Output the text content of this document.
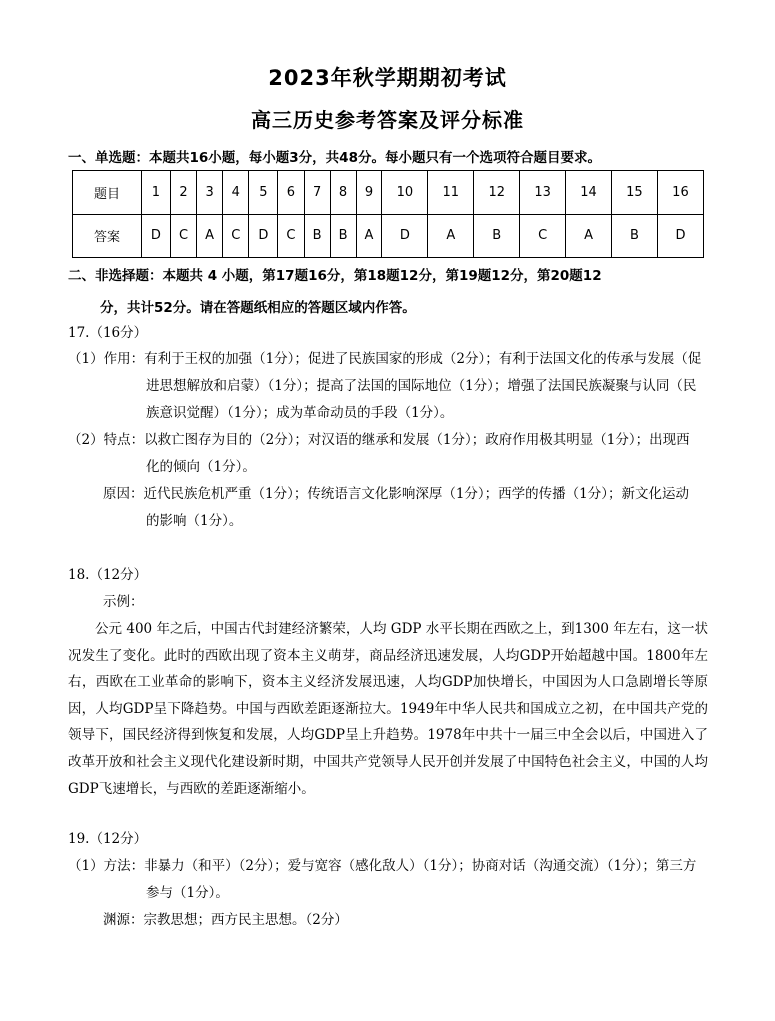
2023年秋学期期初考试
高三历史参考答案及评分标准
一、单选题：本题共16小题，每小题3分，共48分。每小题只有一个选项符合题目要求。
题目	1	2	3	4	5	6	7	8	9	10	11	12	13	14	15	16
答案	D	C	A	C	D	C	B	B	A	D	A	B	C	A	B	D
二、非选择题：本题共 4 小题，第17题16分，第18题12分，第19题12分，第20题12
分，共计52分。请在答题纸相应的答题区域内作答。
17.（16分）
（1）作用：有利于王权的加强（1分）；促进了民族国家的形成（2分）；有利于法国文化的传承与发展（促
进思想解放和启蒙）（1分）；提高了法国的国际地位（1分）；增强了法国民族凝聚与认同（民
族意识觉醒）（1分）；成为革命动员的手段（1分）。
（2）特点：以救亡图存为目的（2分）；对汉语的继承和发展（1分）；政府作用极其明显（1分）；出现西
化的倾向（1分）。
原因：近代民族危机严重（1分）；传统语言文化影响深厚（1分）；西学的传播（1分）；新文化运动
的影响（1分）。
18.（12分）
示例：
公元 400 年之后，中国古代封建经济繁荣，人均 GDP 水平长期在西欧之上，到1300 年左右，这一状况发生了变化。此时的西欧出现了资本主义萌芽，商品经济迅速发展，人均GDP开始超越中国。1800年左右，西欧在工业革命的影响下，资本主义经济发展迅速，人均GDP加快增长，中国因为人口急剧增长等原因，人均GDP呈下降趋势。中国与西欧差距逐渐拉大。1949年中华人民共和国成立之初，在中国共产党的领导下，国民经济得到恢复和发展，人均GDP呈上升趋势。1978年中共十一届三中全会以后，中国进入了改革开放和社会主义现代化建设新时期，中国共产党领导人民开创并发展了中国特色社会主义，中国的人均GDP飞速增长，与西欧的差距逐渐缩小。
19.（12分）
（1）方法：非暴力（和平）（2分）；爱与宽容（感化敌人）（1分）；协商对话（沟通交流）（1分）；第三方
参与（1分）。
渊源：宗教思想；西方民主思想。（2分）
